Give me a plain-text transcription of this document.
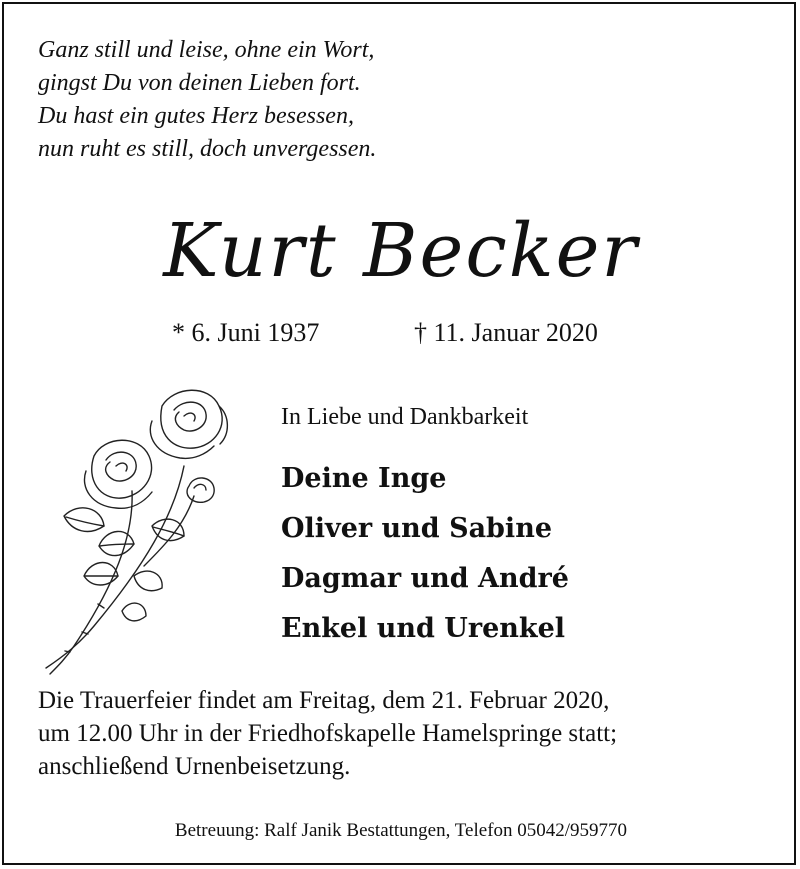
Ganz still und leise, ohne ein Wort,
gingst Du von deinen Lieben fort.
Du hast ein gutes Herz besessen,
nun ruht es still, doch unvergessen.
Kurt Becker
* 6. Juni 1937	† 11. Januar 2020
In Liebe und Dankbarkeit
Deine Inge
Oliver und Sabine
Dagmar und André
Enkel und Urenkel
Die Trauerfeier findet am Freitag, dem 21. Februar 2020,
um 12.00 Uhr in der Friedhofskapelle Hamelspringe statt;
anschließend Urnenbeisetzung.
Betreuung: Ralf Janik Bestattungen, Telefon 05042/959770
